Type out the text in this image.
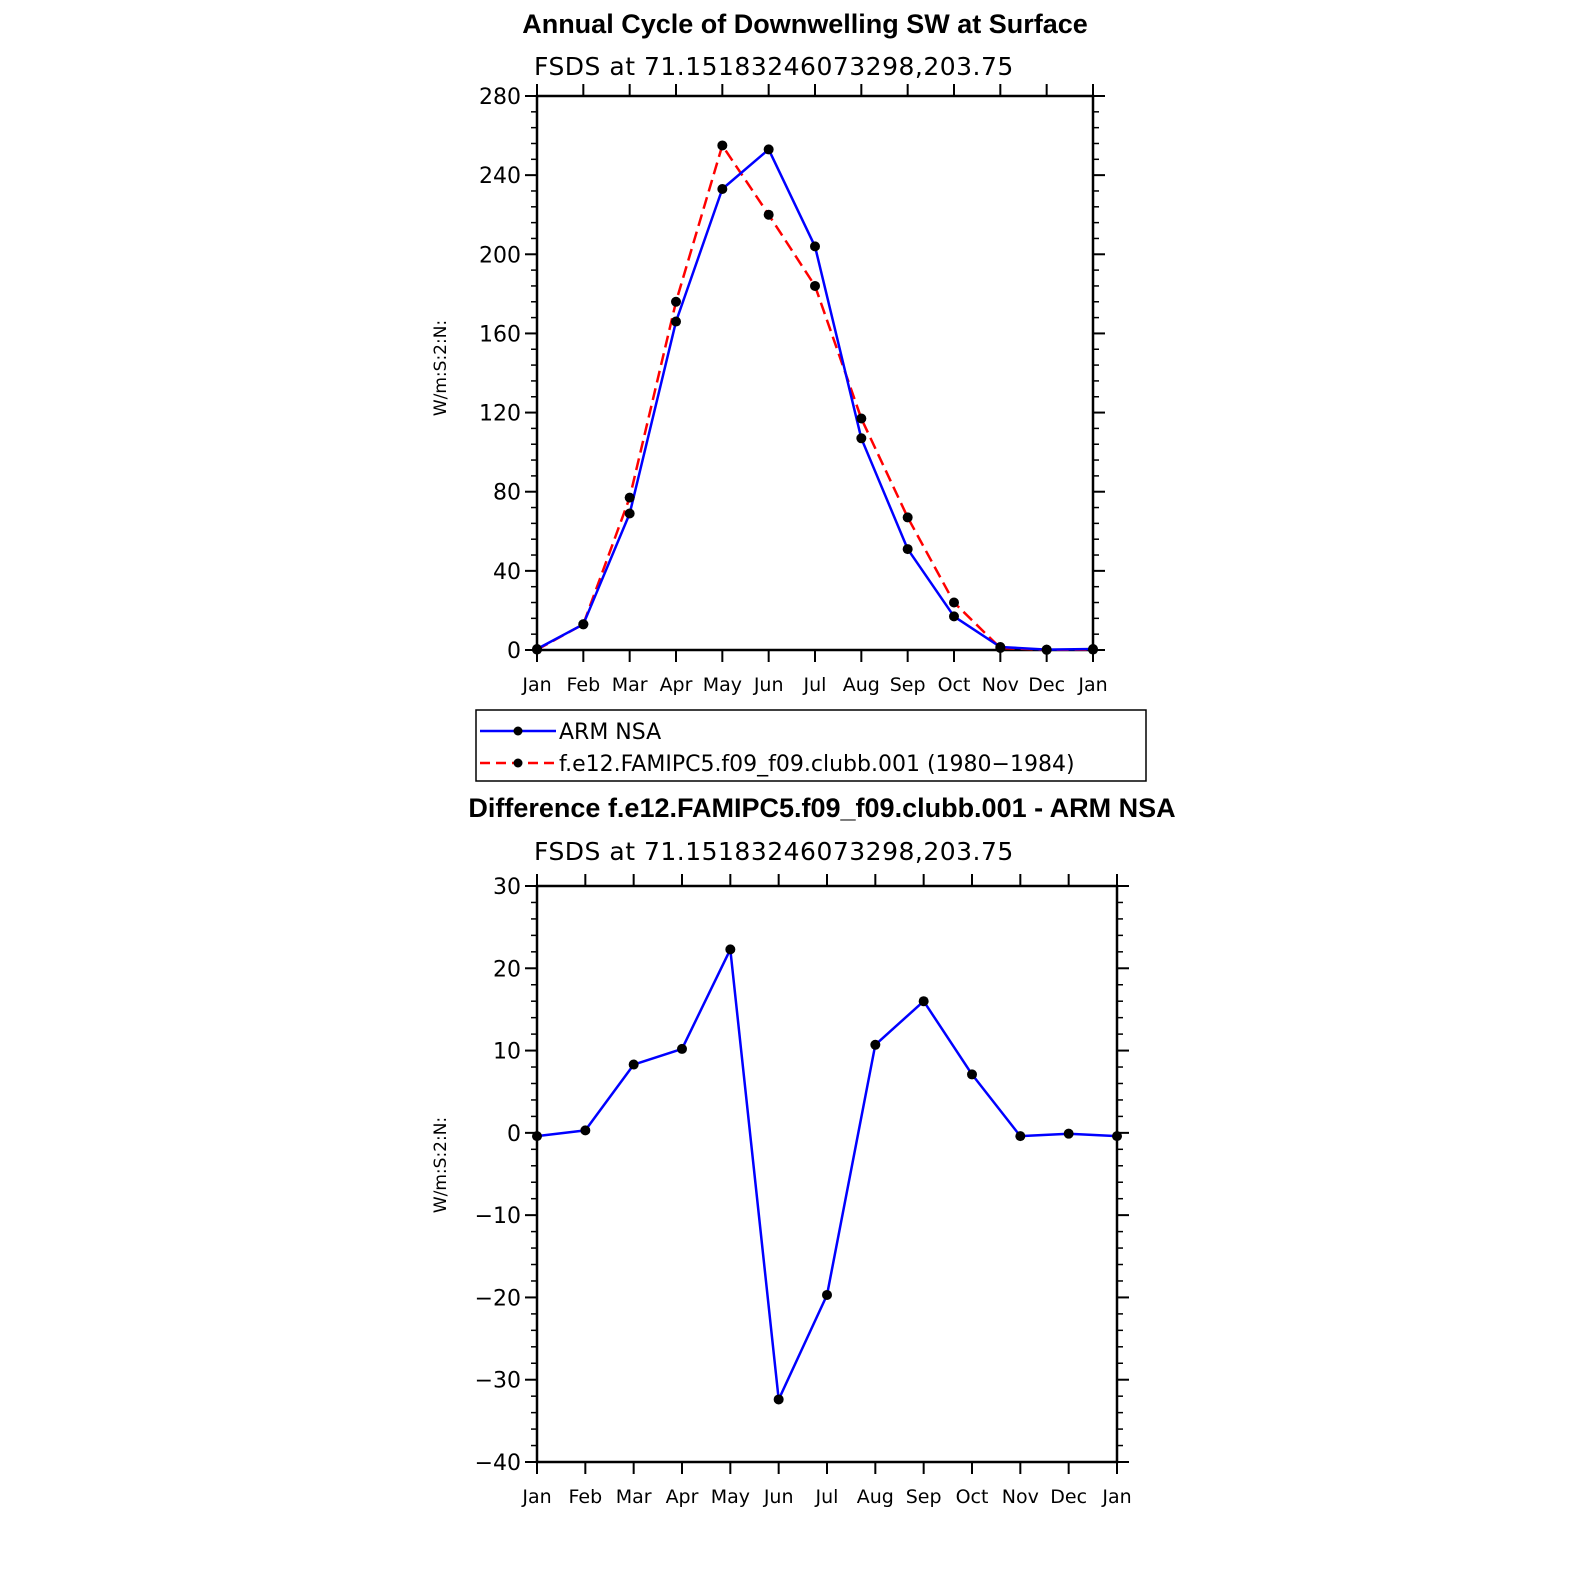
Annual Cycle of Downwelling SW at Surface
FSDS at 71.15183246073298,203.75
W/m:S:2:N:
0
40
80
120
160
200
240
280
Jan Feb Mar Apr May Jun Jul Aug Sep Oct Nov Dec Jan
ARM NSA
f.e12.FAMIPC5.f09_f09.clubb.001 (1980−1984)
Difference f.e12.FAMIPC5.f09_f09.clubb.001 - ARM NSA
FSDS at 71.15183246073298,203.75
W/m:S:2:N:
−40
−30
−20
−10
0
10
20
30
Jan Feb Mar Apr May Jun Jul Aug Sep Oct Nov Dec Jan
